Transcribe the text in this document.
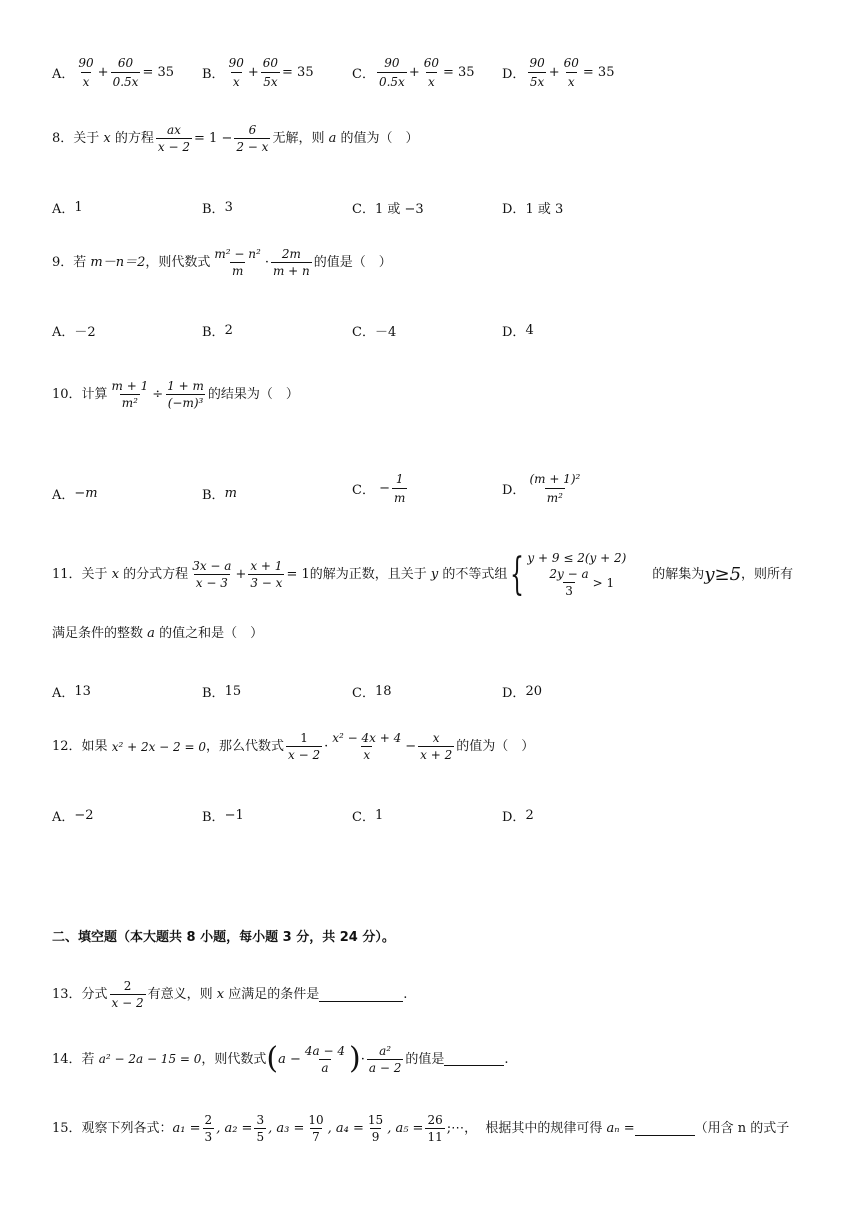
A． $\frac{90}{x} + \frac{60}{0.5x} = 35$ B． $\frac{90}{x} + \frac{60}{5x} = 35$	C． $\frac{90}{0.5x} + \frac{60}{x} = 35$ D． $\frac{90}{5x} + \frac{60}{x} = 35$
8．关于
x
的方程 $\frac{ax}{x - 2} = 1 - \frac{6}{2 - x}$ 无解，则
a
的值为（　）
A． 1	B． 3	C． 1 或 −3	D． 1 或 3
9．若
m－n＝2 ，则代数式 $\frac{\text{m² − n²}}{m} \cdot \frac{2m}{m + n}$ 的值是（　）
A． －2	B． 2	C． －4	D． 4
10．计算 $\frac{m + 1}{\text{m²}} \div \frac{1 + m}{\text{(−m)³}}$ 的结果为（　）
A． −m	B． m	C．
− $\frac{1}{m}$	D． $\frac{\text{(m + 1)²}}{\text{m²}}$
11．关于
x
的分式方程 $\frac{3x - a}{x - 3} + \frac{x + 1}{3 - x} = 1$ 的解为正数，且关于
y
的不等式组 { y + 9 ≤ 2(y + 2)
$\frac{2y - a}{3} > 1$
的解集为 y≥5 ，则所有
满足条件的整数
a
的值之和是（　）
A． 13	B． 15	C． 18	D． 20
12．如果
x² + 2x − 2 = 0 ，那么代数式 $\frac{1}{x - 2} \cdot \frac{\text{x² − 4x + 4}}{x} - \frac{x}{x + 2}$ 的值为（　）
A． −2	B． −1	C． 1	D． 2
二、填空题（本大题共 8 小题，每小题 3 分，共 24 分）。
13．分式 $\frac{2}{x - 2}$ 有意义，则
x
应满足的条件是
	.
14．若
a² − 2a − 15 = 0 ，则代数式 ( $a - \frac{4a - 4}{a}$ ) · $\frac{\text{a²}}{a - 2}$ 的值是
	.
15．观察下列各式： $a_1 = \frac{2}{3}$ , $a_2 = \frac{3}{5}$ , $a_3 = \frac{10}{7}$ , $a_4 = \frac{15}{9}$ , $a_5 = \frac{26}{11}$ ;⋯，
根据其中的规律可得
aₙ =
	（用含 n 的式子
